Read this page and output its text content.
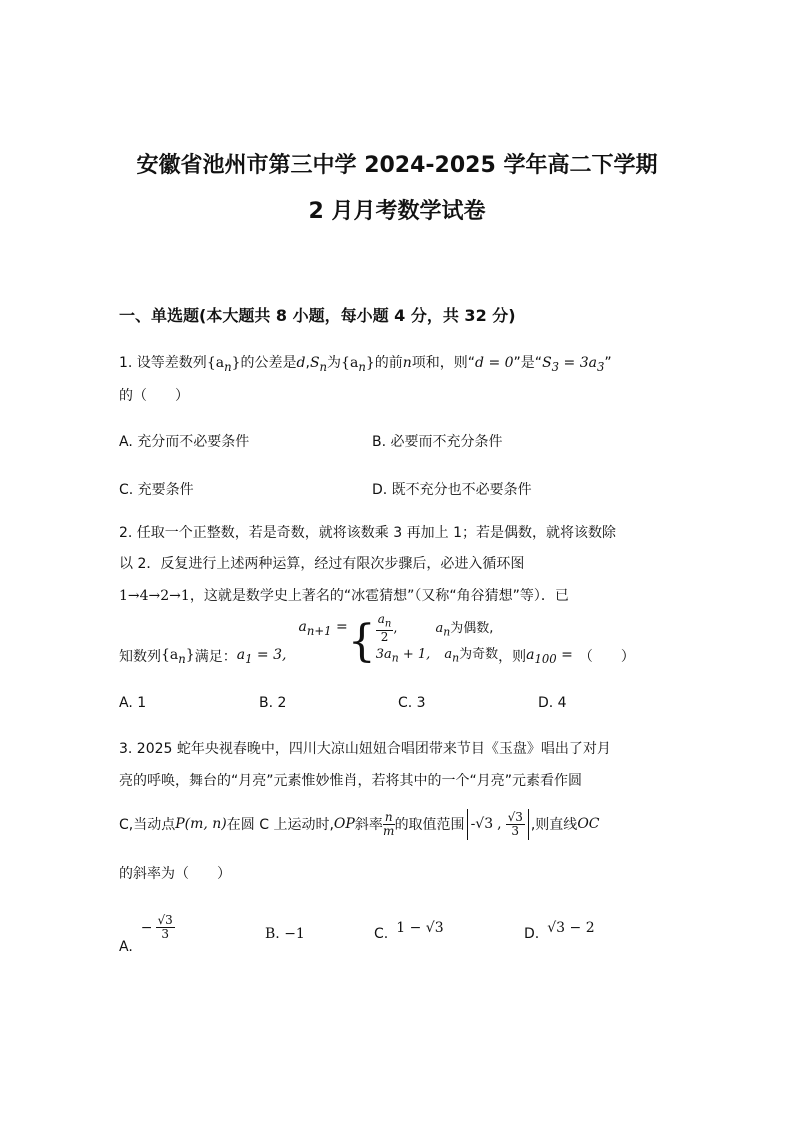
安徽省池州市第三中学 2024-2025 学年高二下学期
2 月月考数学试卷
一、单选题(本大题共 8 小题，每小题 4 分，共 32 分)
1. 设等差数列$\{a_n\}$的公差是$d,S_n$为$\{a_n\}$的前n项和，则“d = 0”是“$S_3 = 3a_3$”
的（　　）
A. 充分而不必要条件	B. 必要而不充分条件
C. 充要条件	D. 既不充分也不必要条件
2. 任取一个正整数，若是奇数，就将该数乘 3 再加上 1；若是偶数，就将该数除
以 2．反复进行上述两种运算，经过有限次步骤后，必进入循环图
1→4→2→1，这就是数学史上著名的“冰雹猜想”（又称“角谷猜想”等）．已
知数列 $\{a_n\}$ 满足： $a_1 = 3$,
$a_{n+1}$ = { $\frac{a_n}{2}$ ,	$a_n$为偶数,
$3a_n + 1$, $a_n$为奇数 ，则 $a_{100}$ = （　　）
A. 1	B. 2	C. 3	D. 4
3. 2025 蛇年央视春晚中，四川大凉山妞妞合唱团带来节目《玉盘》唱出了对月
亮的呼唤，舞台的“月亮”元素惟妙惟肖，若将其中的一个“月亮”元素看作圆
C,当动点 P (m, n) 在圆 C 上运动时, OP 斜率 $\frac{n}{m}$ 的取值范围 -√3 , $\frac{√3}{3}$ ,则直线 OC
的斜率为（　　）
A.
− $\frac{√3}{3}$	B. −1	C. 1 − √3	D. √3 − 2
